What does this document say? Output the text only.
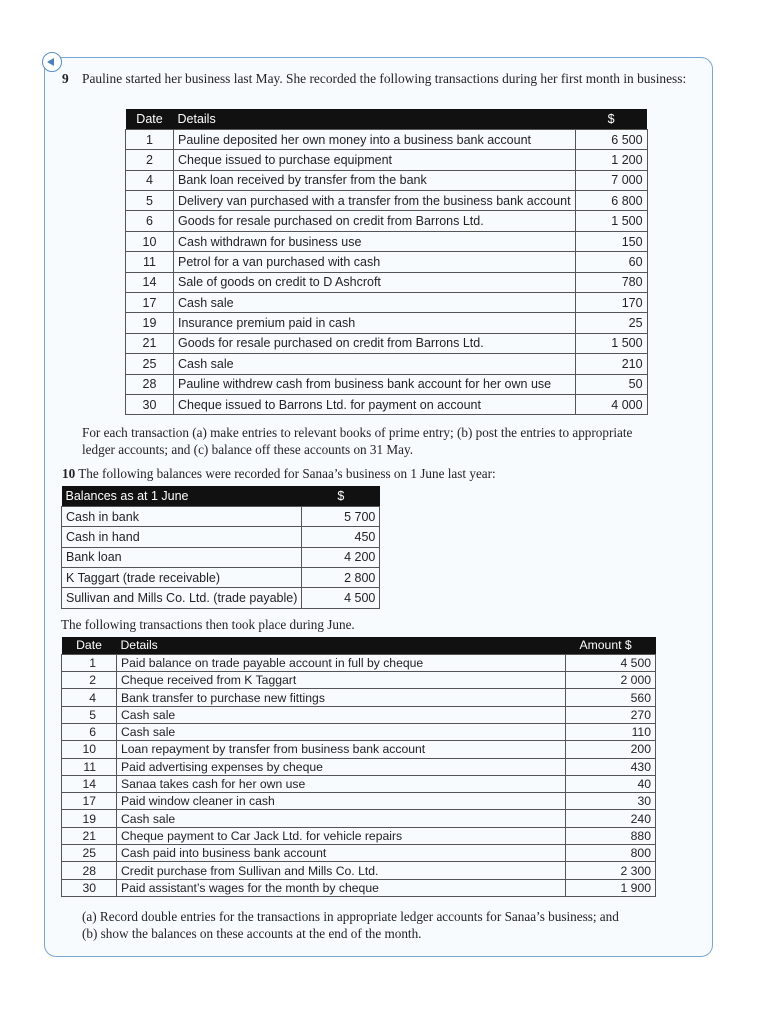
9 Pauline started her business last May. She recorded the following transactions during her first month in business:
Date	Details	$
1	Pauline deposited her own money into a business bank account	6 500
2	Cheque issued to purchase equipment	1 200
4	Bank loan received by transfer from the bank	7 000
5	Delivery van purchased with a transfer from the business bank account	6 800
6	Goods for resale purchased on credit from Barrons Ltd.	1 500
10	Cash withdrawn for business use	150
11	Petrol for a van purchased with cash	60
14	Sale of goods on credit to D Ashcroft	780
17	Cash sale	170
19	Insurance premium paid in cash	25
21	Goods for resale purchased on credit from Barrons Ltd.	1 500
25	Cash sale	210
28	Pauline withdrew cash from business bank account for her own use	50
30	Cheque issued to Barrons Ltd. for payment on account	4 000
For each transaction (a) make entries to relevant books of prime entry; (b) post the entries to appropriate
ledger accounts; and (c) balance off these accounts on 31 May.
10 The following balances were recorded for Sanaa’s business on 1 June last year:
Balances as at 1 June	$
Cash in bank	5 700
Cash in hand	450
Bank loan	4 200
K Taggart (trade receivable)	2 800
Sullivan and Mills Co. Ltd. (trade payable)	4 500
The following transactions then took place during June.
Date	Details	Amount $
1	Paid balance on trade payable account in full by cheque	4 500
2	Cheque received from K Taggart	2 000
4	Bank transfer to purchase new fittings	560
5	Cash sale	270
6	Cash sale	110
10	Loan repayment by transfer from business bank account	200
11	Paid advertising expenses by cheque	430
14	Sanaa takes cash for her own use	40
17	Paid window cleaner in cash	30
19	Cash sale	240
21	Cheque payment to Car Jack Ltd. for vehicle repairs	880
25	Cash paid into business bank account	800
28	Credit purchase from Sullivan and Mills Co. Ltd.	2 300
30	Paid assistant’s wages for the month by cheque	1 900
(a) Record double entries for the transactions in appropriate ledger accounts for Sanaa’s business; and
(b) show the balances on these accounts at the end of the month.
